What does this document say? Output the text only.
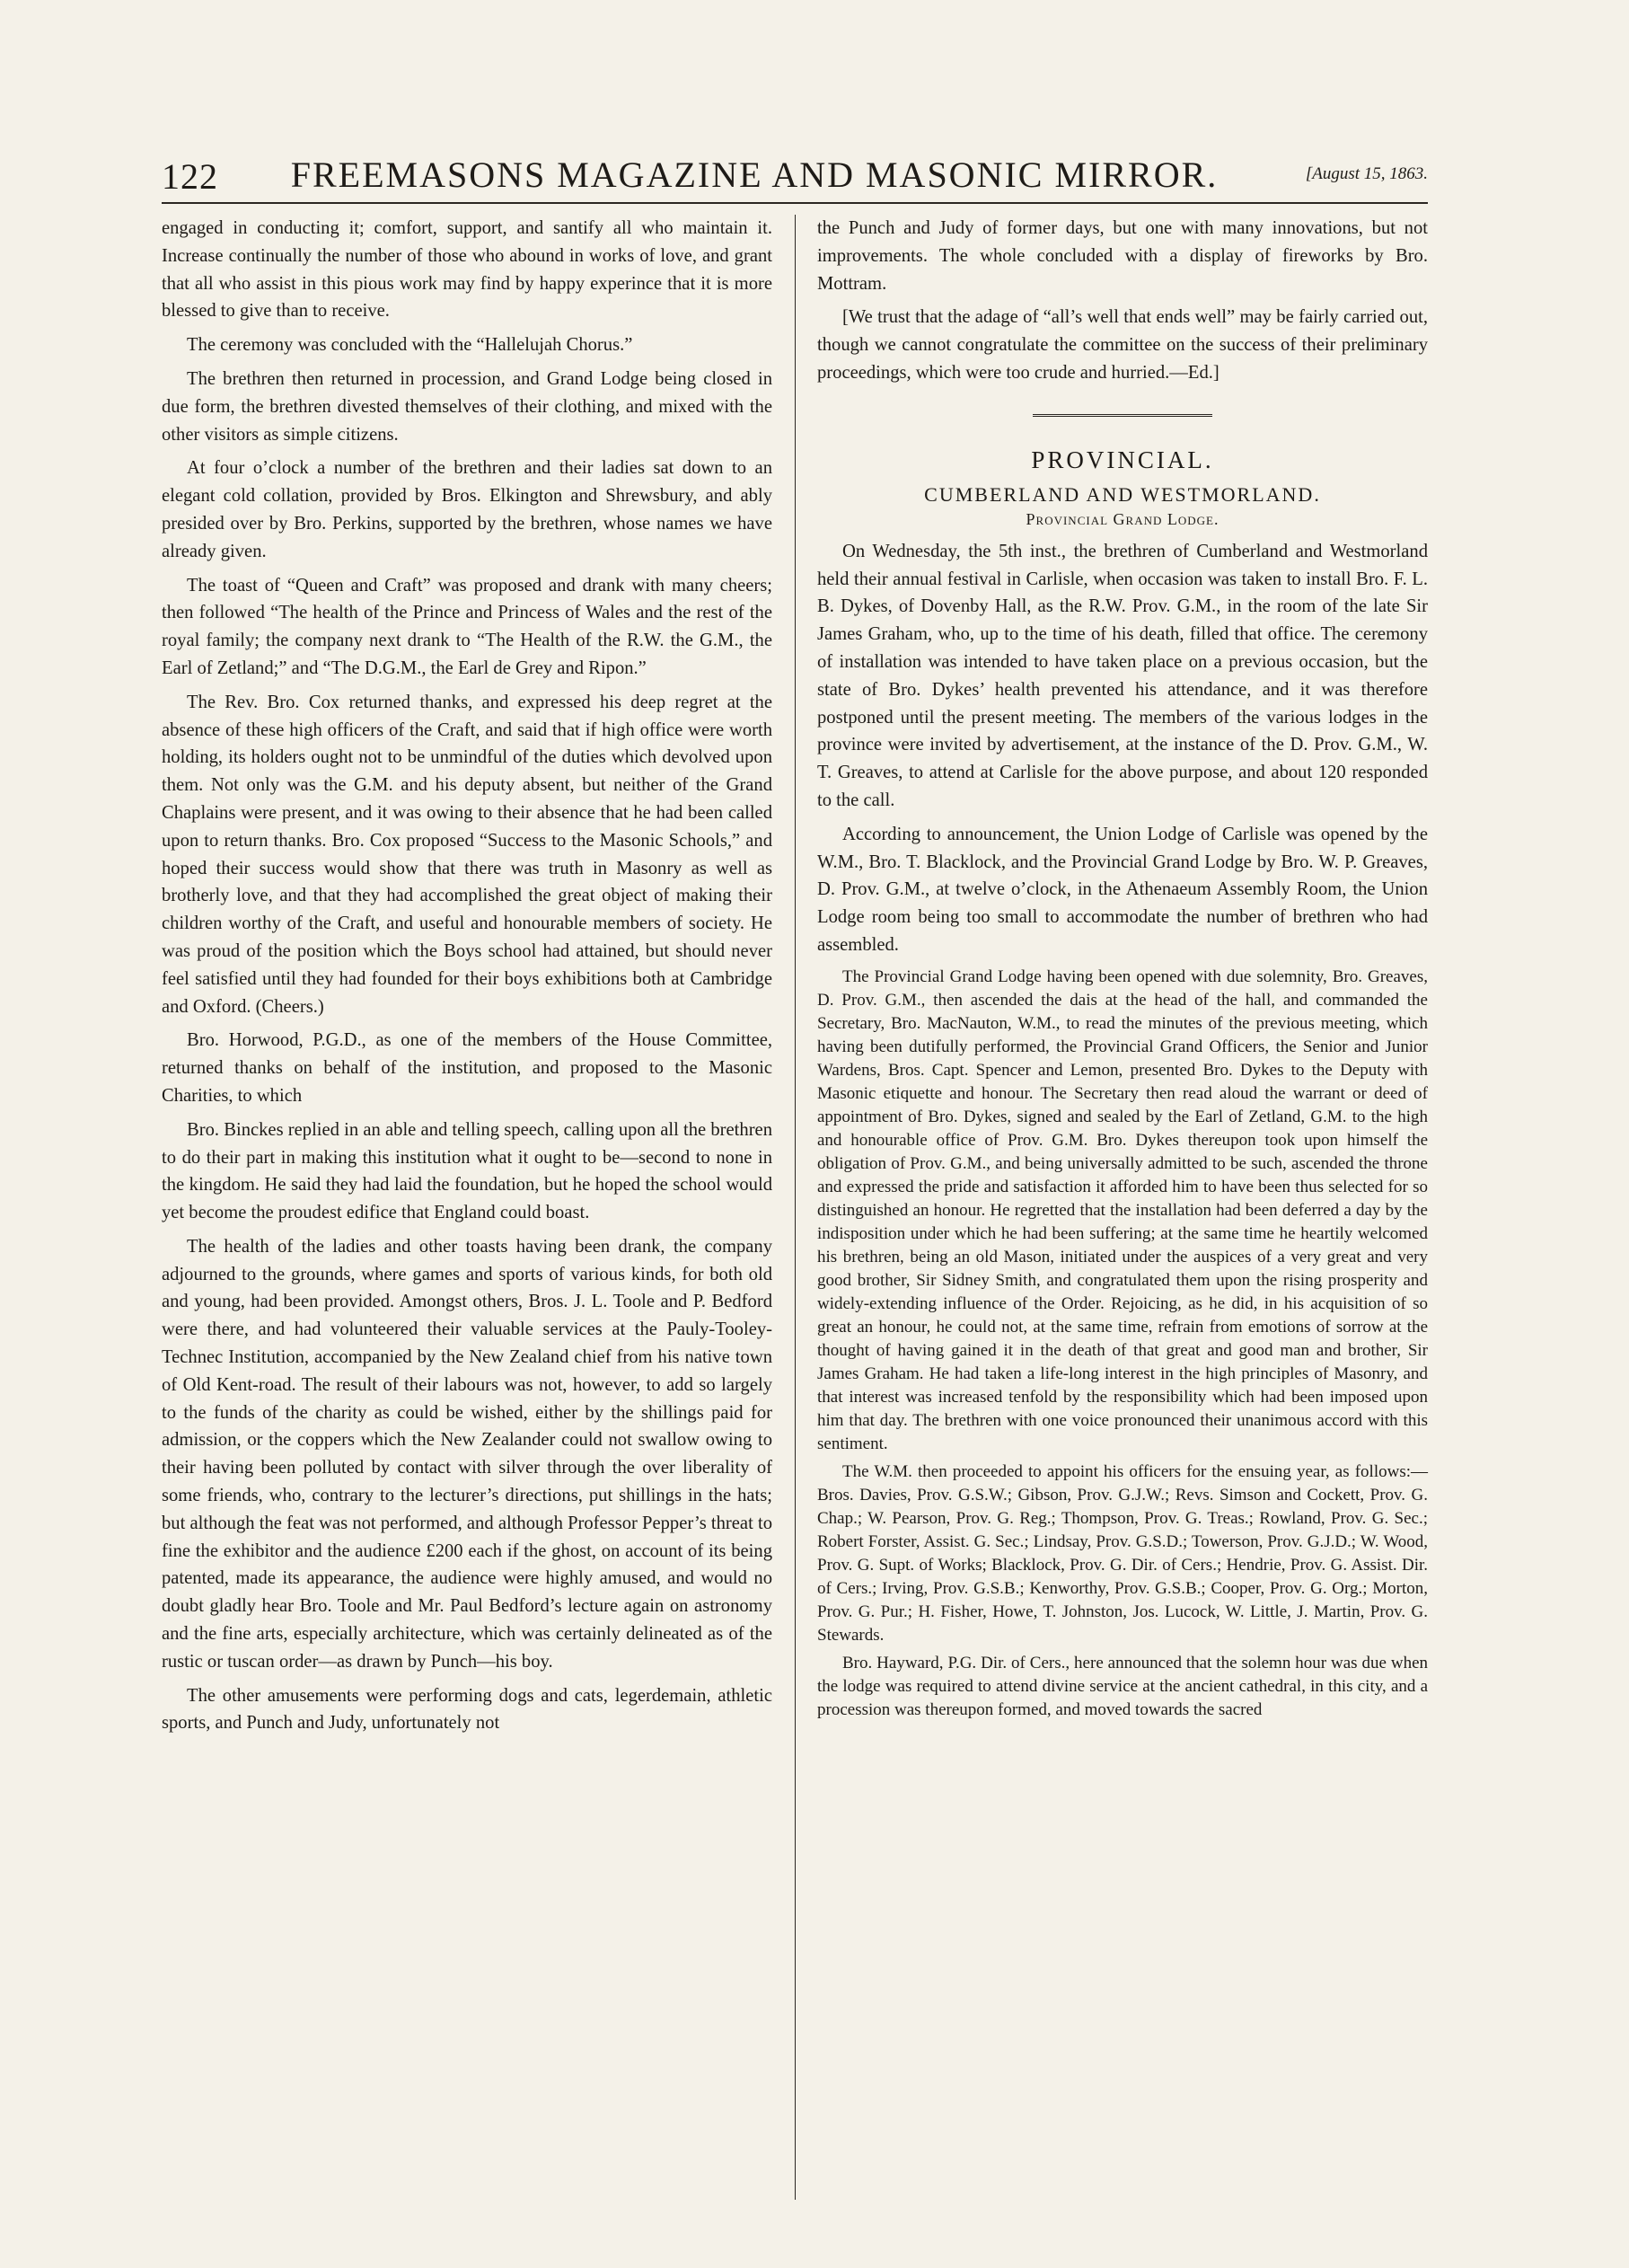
122	FREEMASONS MAGAZINE AND MASONIC MIRROR.	[August 15, 1863.

engaged in conducting it; comfort, support, and santify all who maintain it. Increase continually the number of those who abound in works of love, and grant that all who assist in this pious work may find by happy experince that it is more blessed to give than to receive.

The ceremony was concluded with the “Hallelujah Chorus.”

The brethren then returned in procession, and Grand Lodge being closed in due form, the brethren divested themselves of their clothing, and mixed with the other visitors as simple citizens.

At four o’clock a number of the brethren and their ladies sat down to an elegant cold collation, provided by Bros. Elkington and Shrewsbury, and ably presided over by Bro. Perkins, supported by the brethren, whose names we have already given.

The toast of “Queen and Craft” was proposed and drank with many cheers; then followed “The health of the Prince and Princess of Wales and the rest of the royal family; the company next drank to “The Health of the R.W. the G.M., the Earl of Zetland;” and “The D.G.M., the Earl de Grey and Ripon.”

The Rev. Bro. Cox returned thanks, and expressed his deep regret at the absence of these high officers of the Craft, and said that if high office were worth holding, its holders ought not to be unmindful of the duties which devolved upon them. Not only was the G.M. and his deputy absent, but neither of the Grand Chaplains were present, and it was owing to their absence that he had been called upon to return thanks. Bro. Cox proposed “Success to the Masonic Schools,” and hoped their success would show that there was truth in Masonry as well as brotherly love, and that they had accomplished the great object of making their children worthy of the Craft, and useful and honourable members of society. He was proud of the position which the Boys school had attained, but should never feel satisfied until they had founded for their boys exhibitions both at Cambridge and Oxford. (Cheers.)

Bro. Horwood, P.G.D., as one of the members of the House Committee, returned thanks on behalf of the institution, and proposed to the Masonic Charities, to which

Bro. Binckes replied in an able and telling speech, calling upon all the brethren to do their part in making this institution what it ought to be—second to none in the kingdom. He said they had laid the foundation, but he hoped the school would yet become the proudest edifice that England could boast.

The health of the ladies and other toasts having been drank, the company adjourned to the grounds, where games and sports of various kinds, for both old and young, had been provided. Amongst others, Bros. J. L. Toole and P. Bedford were there, and had volunteered their valuable services at the Pauly-Tooley-Technec Institution, accompanied by the New Zealand chief from his native town of Old Kent-road. The result of their labours was not, however, to add so largely to the funds of the charity as could be wished, either by the shillings paid for admission, or the coppers which the New Zealander could not swallow owing to their having been polluted by contact with silver through the over liberality of some friends, who, contrary to the lecturer’s directions, put shillings in the hats; but although the feat was not performed, and although Professor Pepper’s threat to fine the exhibitor and the audience £200 each if the ghost, on account of its being patented, made its appearance, the audience were highly amused, and would no doubt gladly hear Bro. Toole and Mr. Paul Bedford’s lecture again on astronomy and the fine arts, especially architecture, which was certainly delineated as of the rustic or tuscan order—as drawn by Punch—his boy.

The other amusements were performing dogs and cats, legerdemain, athletic sports, and Punch and Judy, unfortunately not

the Punch and Judy of former days, but one with many innovations, but not improvements. The whole concluded with a display of fireworks by Bro. Mottram.

[We trust that the adage of “all’s well that ends well” may be fairly carried out, though we cannot congratulate the committee on the success of their preliminary proceedings, which were too crude and hurried.—Ed.]

PROVINCIAL.
CUMBERLAND AND WESTMORLAND.
Provincial Grand Lodge.

On Wednesday, the 5th inst., the brethren of Cumberland and Westmorland held their annual festival in Carlisle, when occasion was taken to install Bro. F. L. B. Dykes, of Dovenby Hall, as the R.W. Prov. G.M., in the room of the late Sir James Graham, who, up to the time of his death, filled that office. The ceremony of installation was intended to have taken place on a previous occasion, but the state of Bro. Dykes’ health prevented his attendance, and it was therefore postponed until the present meeting. The members of the various lodges in the province were invited by advertisement, at the instance of the D. Prov. G.M., W. T. Greaves, to attend at Carlisle for the above purpose, and about 120 responded to the call.

According to announcement, the Union Lodge of Carlisle was opened by the W.M., Bro. T. Blacklock, and the Provincial Grand Lodge by Bro. W. P. Greaves, D. Prov. G.M., at twelve o’clock, in the Athenaeum Assembly Room, the Union Lodge room being too small to accommodate the number of brethren who had assembled.

The Provincial Grand Lodge having been opened with due solemnity, Bro. Greaves, D. Prov. G.M., then ascended the dais at the head of the hall, and commanded the Secretary, Bro. MacNauton, W.M., to read the minutes of the previous meeting, which having been dutifully performed, the Provincial Grand Officers, the Senior and Junior Wardens, Bros. Capt. Spencer and Lemon, presented Bro. Dykes to the Deputy with Masonic etiquette and honour. The Secretary then read aloud the warrant or deed of appointment of Bro. Dykes, signed and sealed by the Earl of Zetland, G.M. to the high and honourable office of Prov. G.M. Bro. Dykes thereupon took upon himself the obligation of Prov. G.M., and being universally admitted to be such, ascended the throne and expressed the pride and satisfaction it afforded him to have been thus selected for so distinguished an honour. He regretted that the installation had been deferred a day by the indisposition under which he had been suffering; at the same time he heartily welcomed his brethren, being an old Mason, initiated under the auspices of a very great and very good brother, Sir Sidney Smith, and congratulated them upon the rising prosperity and widely-extending influence of the Order. Rejoicing, as he did, in his acquisition of so great an honour, he could not, at the same time, refrain from emotions of sorrow at the thought of having gained it in the death of that great and good man and brother, Sir James Graham. He had taken a life-long interest in the high principles of Masonry, and that interest was increased tenfold by the responsibility which had been imposed upon him that day. The brethren with one voice pronounced their unanimous accord with this sentiment.

The W.M. then proceeded to appoint his officers for the ensuing year, as follows:—Bros. Davies, Prov. G.S.W.; Gibson, Prov. G.J.W.; Revs. Simson and Cockett, Prov. G. Chap.; W. Pearson, Prov. G. Reg.; Thompson, Prov. G. Treas.; Rowland, Prov. G. Sec.; Robert Forster, Assist. G. Sec.; Lindsay, Prov. G.S.D.; Towerson, Prov. G.J.D.; W. Wood, Prov. G. Supt. of Works; Blacklock, Prov. G. Dir. of Cers.; Hendrie, Prov. G. Assist. Dir. of Cers.; Irving, Prov. G.S.B.; Kenworthy, Prov. G.S.B.; Cooper, Prov. G. Org.; Morton, Prov. G. Pur.; H. Fisher, Howe, T. Johnston, Jos. Lucock, W. Little, J. Martin, Prov. G. Stewards.

Bro. Hayward, P.G. Dir. of Cers., here announced that the solemn hour was due when the lodge was required to attend divine service at the ancient cathedral, in this city, and a procession was thereupon formed, and moved towards the sacred
